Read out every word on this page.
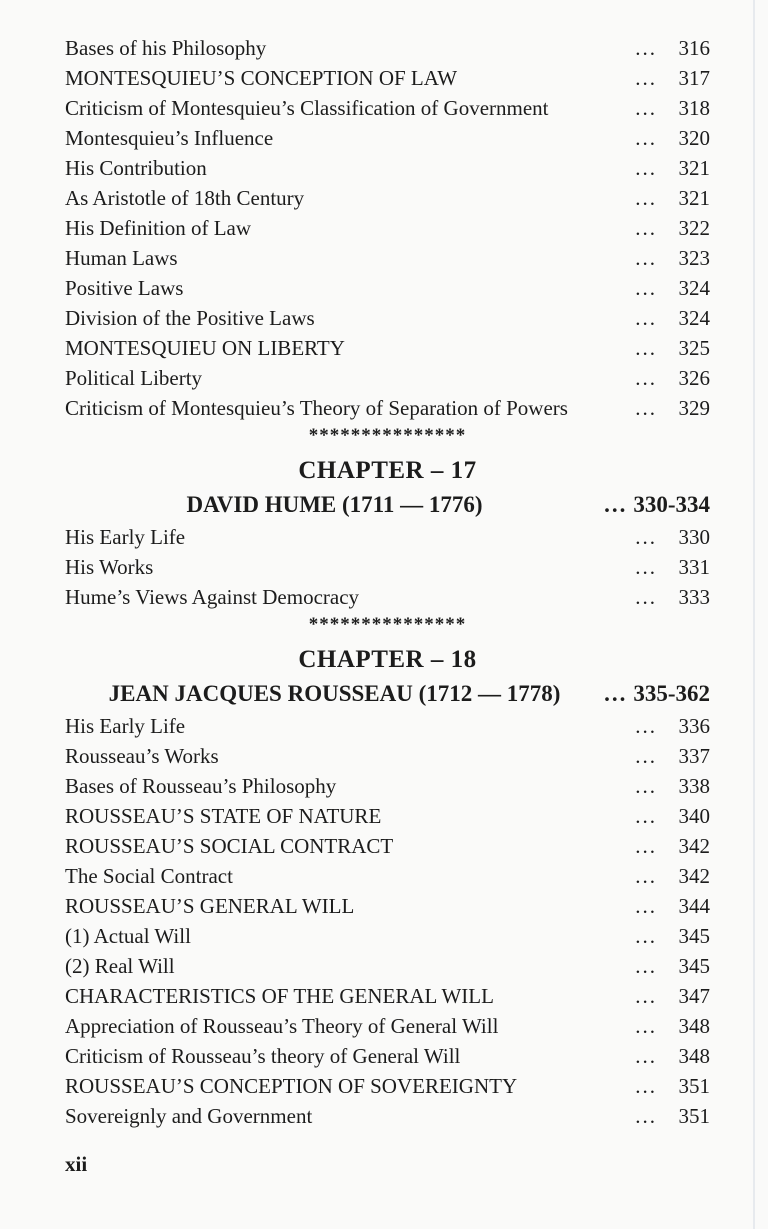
Bases of his Philosophy	...	316
MONTESQUIEU’S CONCEPTION OF LAW	...	317
Criticism of Montesquieu’s Classification of Government	...	318
Montesquieu’s Influence	...	320
His Contribution	...	321
As Aristotle of 18th Century	...	321
His Definition of Law	...	322
Human Laws	...	323
Positive Laws	...	324
Division of the Positive Laws	...	324
MONTESQUIEU ON LIBERTY	...	325
Political Liberty	...	326
Criticism of Montesquieu’s Theory of Separation of Powers	...	329
***************
CHAPTER – 17
DAVID HUME (1711 — 1776)	... 330-334
His Early Life	...	330
His Works	...	331
Hume’s Views Against Democracy	...	333
***************
CHAPTER – 18
JEAN JACQUES ROUSSEAU (1712 — 1778)	... 335-362
His Early Life	...	336
Rousseau’s Works	...	337
Bases of Rousseau’s Philosophy	...	338
ROUSSEAU’S STATE OF NATURE	...	340
ROUSSEAU’S SOCIAL CONTRACT	...	342
The Social Contract	...	342
ROUSSEAU’S GENERAL WILL	...	344
(1) Actual Will	...	345
(2) Real Will	...	345
CHARACTERISTICS OF THE GENERAL WILL	...	347
Appreciation of Rousseau’s Theory of General Will	...	348
Criticism of Rousseau’s theory of General Will	...	348
ROUSSEAU’S CONCEPTION OF SOVEREIGNTY	...	351
Sovereignly and Government	...	351
xii
